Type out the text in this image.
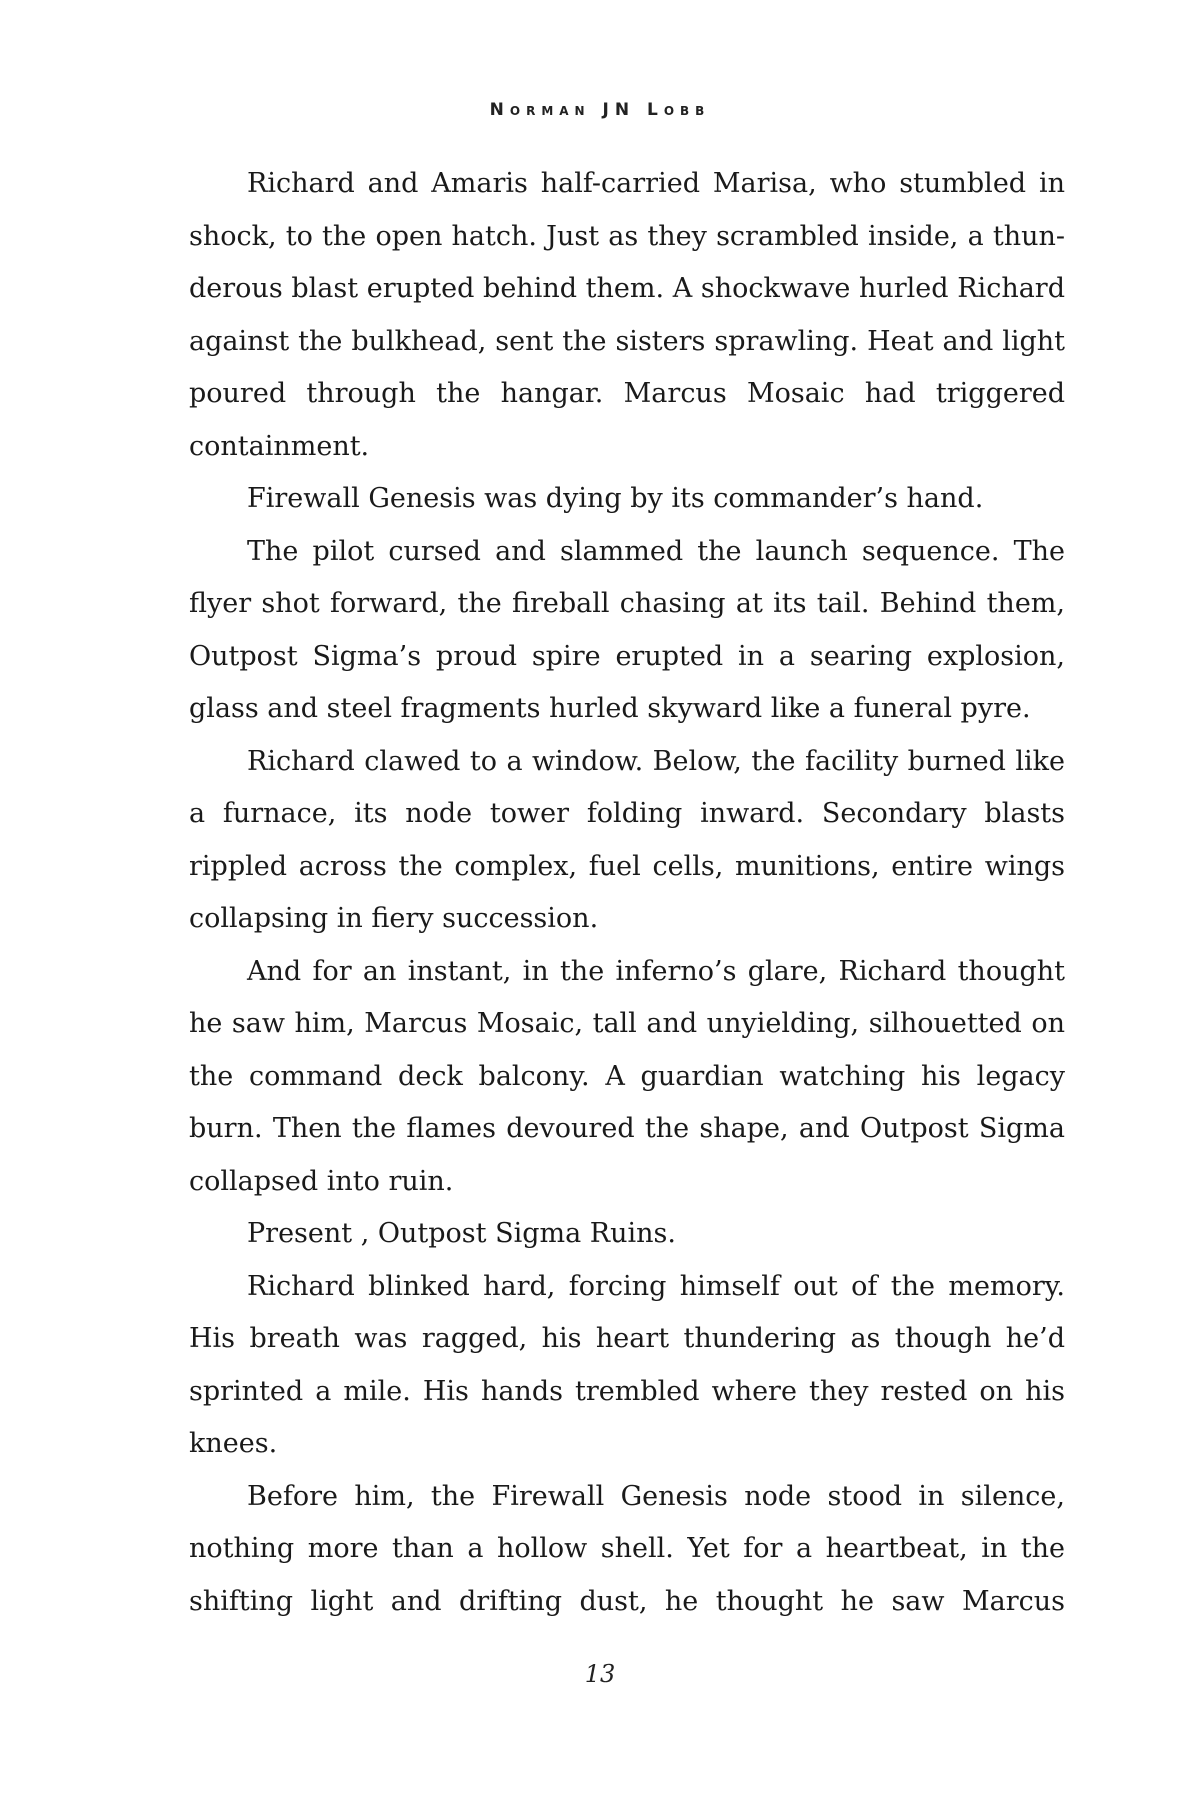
Norman JN Lobb

Richard and Amaris half-carried Marisa, who stumbled in shock, to the open hatch. Just as they scrambled inside, a thunderous blast erupted behind them. A shockwave hurled Richard against the bulkhead, sent the sisters sprawling. Heat and light poured through the hangar. Marcus Mosaic had triggered containment.

Firewall Genesis was dying by its commander’s hand.

The pilot cursed and slammed the launch sequence. The flyer shot forward, the fireball chasing at its tail. Behind them, Outpost Sigma’s proud spire erupted in a searing explosion, glass and steel fragments hurled skyward like a funeral pyre.

Richard clawed to a window. Below, the facility burned like a furnace, its node tower folding inward. Secondary blasts rippled across the complex, fuel cells, munitions, entire wings collapsing in fiery succession.

And for an instant, in the inferno’s glare, Richard thought he saw him, Marcus Mosaic, tall and unyielding, silhouetted on the command deck balcony. A guardian watching his legacy burn. Then the flames devoured the shape, and Outpost Sigma collapsed into ruin.

Present , Outpost Sigma Ruins.

Richard blinked hard, forcing himself out of the memory. His breath was ragged, his heart thundering as though he’d sprinted a mile. His hands trembled where they rested on his knees.

Before him, the Firewall Genesis node stood in silence, nothing more than a hollow shell. Yet for a heartbeat, in the shifting light and drifting dust, he thought he saw Marcus

13
